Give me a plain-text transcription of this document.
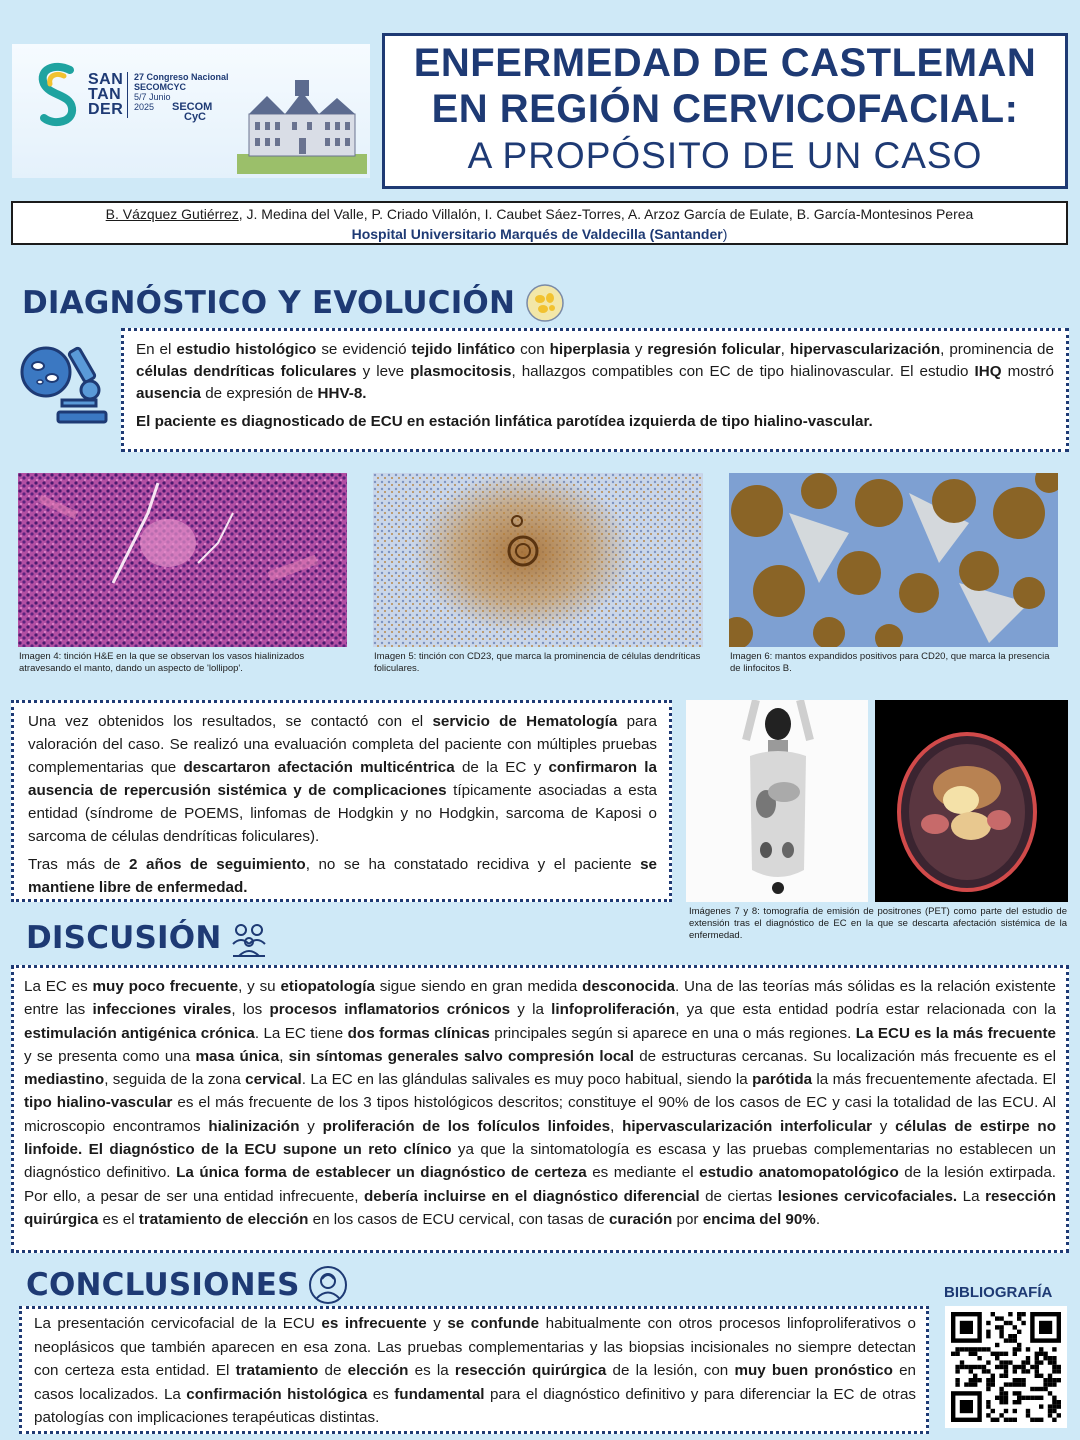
SAN
TAN
DER
27 Congreso Nacional
SECOMCYC
5/7 Junio
2025	SECOM
CyC
ENFERMEDAD DE CASTLEMAN
EN REGIÓN CERVICOFACIAL:
A PROPÓSITO DE UN CASO
B. Vázquez Gutiérrez, J. Medina del Valle, P. Criado Villalón, I. Caubet Sáez-Torres, A. Arzoz García de Eulate, B. García-Montesinos Perea
Hospital Universitario Marqués de Valdecilla (Santander)
DIAGNÓSTICO Y EVOLUCIÓN

En el estudio histológico se evidenció tejido linfático con hiperplasia y regresión folicular, hipervascularización, prominencia de células dendríticas foliculares y leve plasmocitosis, hallazgos compatibles con EC de tipo hialinovascular. El estudio IHQ mostró ausencia de expresión de HHV-8.

El paciente es diagnosticado de ECU en estación linfática parotídea izquierda de tipo hialino-vascular.

Imagen 4: tinción H&E en la que se observan los vasos hialinizados atravesando el manto, dando un aspecto de 'lollipop'.
Imagen 5: tinción con CD23, que marca la prominencia de células dendríticas foliculares.
Imagen 6: mantos expandidos positivos para CD20, que marca la presencia de linfocitos B.

Una vez obtenidos los resultados, se contactó con el servicio de Hematología para valoración del caso. Se realizó una evaluación completa del paciente con múltiples pruebas complementarias que descartaron afectación multicéntrica de la EC y confirmaron la ausencia de repercusión sistémica y de complicaciones típicamente asociadas a esta entidad (síndrome de POEMS, linfomas de Hodgkin y no Hodgkin, sarcoma de Kaposi o sarcoma de células dendríticas foliculares).

Tras más de 2 años de seguimiento, no se ha constatado recidiva y el paciente se mantiene libre de enfermedad.

Imágenes 7 y 8: tomografía de emisión de positrones (PET) como parte del estudio de extensión tras el diagnóstico de EC en la que se descarta afectación sistémica de la enfermedad.
DISCUSIÓN

La EC es muy poco frecuente, y su etiopatología sigue siendo en gran medida desconocida. Una de las teorías más sólidas es la relación existente entre las infecciones virales, los procesos inflamatorios crónicos y la linfoproliferación, ya que esta entidad podría estar relacionada con la estimulación antigénica crónica. La EC tiene dos formas clínicas principales según si aparece en una o más regiones. La ECU es la más frecuente y se presenta como una masa única, sin síntomas generales salvo compresión local de estructuras cercanas. Su localización más frecuente es el mediastino, seguida de la zona cervical. La EC en las glándulas salivales es muy poco habitual, siendo la parótida la más frecuentemente afectada. El tipo hialino-vascular es el más frecuente de los 3 tipos histológicos descritos; constituye el 90% de los casos de EC y casi la totalidad de las ECU. Al microscopio encontramos hialinización y proliferación de los folículos linfoides, hipervascularización interfolicular y células de estirpe no linfoide. El diagnóstico de la ECU supone un reto clínico ya que la sintomatología es escasa y las pruebas complementarias no establecen un diagnóstico definitivo. La única forma de establecer un diagnóstico de certeza es mediante el estudio anatomopatológico de la lesión extirpada. Por ello, a pesar de ser una entidad infrecuente, debería incluirse en el diagnóstico diferencial de ciertas lesiones cervicofaciales. La resección quirúrgica es el tratamiento de elección en los casos de ECU cervical, con tasas de curación por encima del 90%.

CONCLUSIONES

La presentación cervicofacial de la ECU es infrecuente y se confunde habitualmente con otros procesos linfoproliferativos o neoplásicos que también aparecen en esa zona. Las pruebas complementarias y las biopsias incisionales no siempre detectan con certeza esta entidad. El tratamiento de elección es la resección quirúrgica de la lesión, con muy buen pronóstico en casos localizados. La confirmación histológica es fundamental para el diagnóstico definitivo y para diferenciar la EC de otras patologías con implicaciones terapéuticas distintas.

BIBLIOGRAFÍA
